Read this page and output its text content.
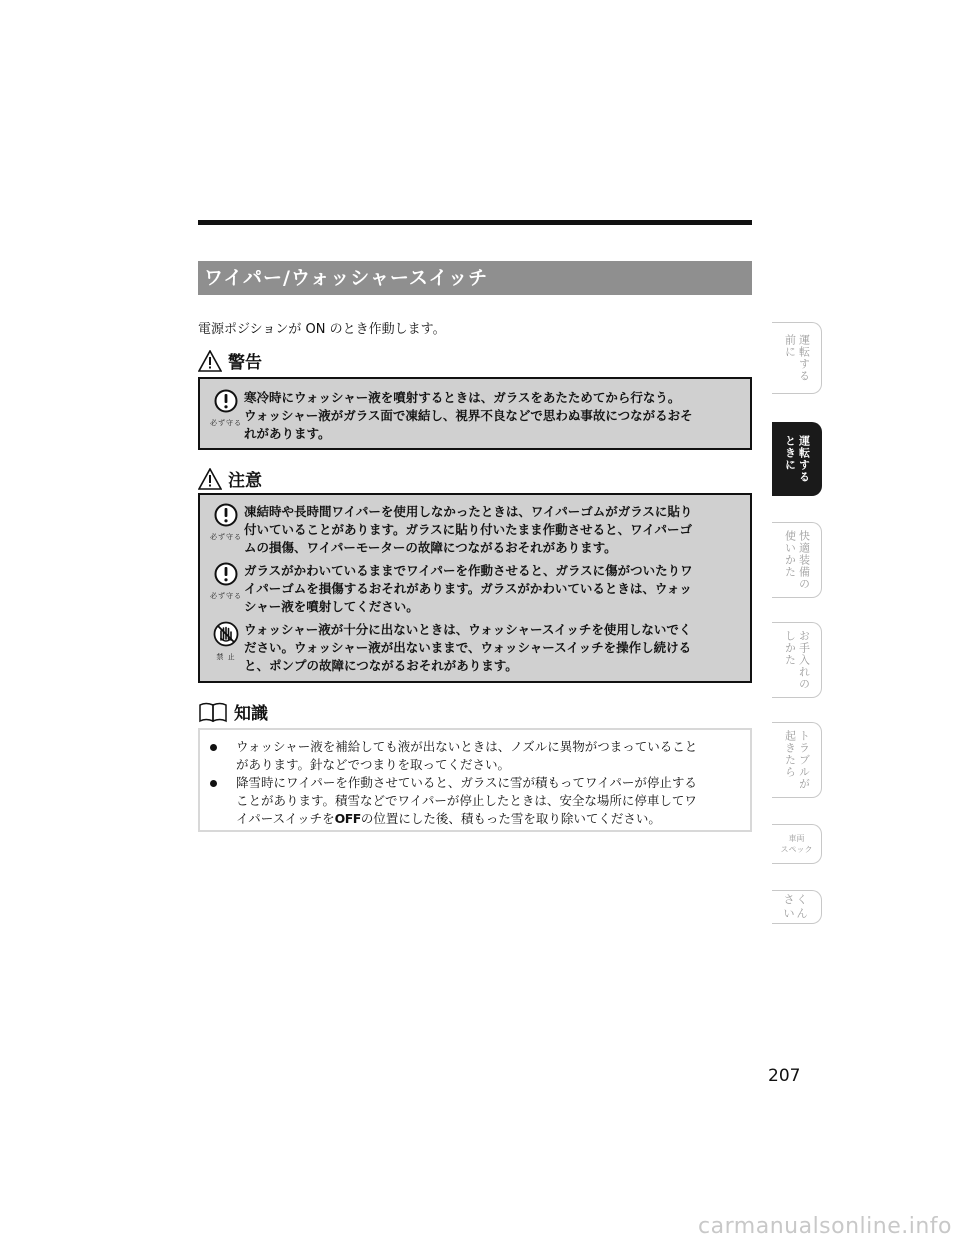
ワイパー/ウォッシャースイッチ
電源ポジションが ON のとき作動します。
警告
必ず守る
寒冷時にウォッシャー液を噴射するときは、ガラスをあたためてから行なう。
ウォッシャー液がガラス面で凍結し、視界不良などで思わぬ事故につながるおそ
れがあります。
注意
必ず守る
凍結時や長時間ワイパーを使用しなかったときは、ワイパーゴムがガラスに貼り
付いていることがあります。ガラスに貼り付いたまま作動させると、ワイパーゴ
ムの損傷、ワイパーモーターの故障につながるおそれがあります。
必ず守る
ガラスがかわいているままでワイパーを作動させると、ガラスに傷がついたりワ
イパーゴムを損傷するおそれがあります。ガラスがかわいているときは、ウォッ
シャー液を噴射してください。
禁 止
ウォッシャー液が十分に出ないときは、ウォッシャースイッチを使用しないでく
ださい。ウォッシャー液が出ないままで、ウォッシャースイッチを操作し続ける
と、ポンプの故障につながるおそれがあります。
知識
ウォッシャー液を補給しても液が出ないときは、ノズルに異物がつまっていること
があります。針などでつまりを取ってください。
降雪時にワイパーを作動させていると、ガラスに雪が積もってワイパーが停止する
ことがあります。積雪などでワイパーが停止したときは、安全な場所に停車してワ
イパースイッチをOFFの位置にした後、積もった雪を取り除いてください。
運転する
前に
運転する
ときに
快適装備の
使いかた
お手入れの
しかた
トラブルが
起きたら
車両
スペック
さく
いん
207
carmanualsonline.info
